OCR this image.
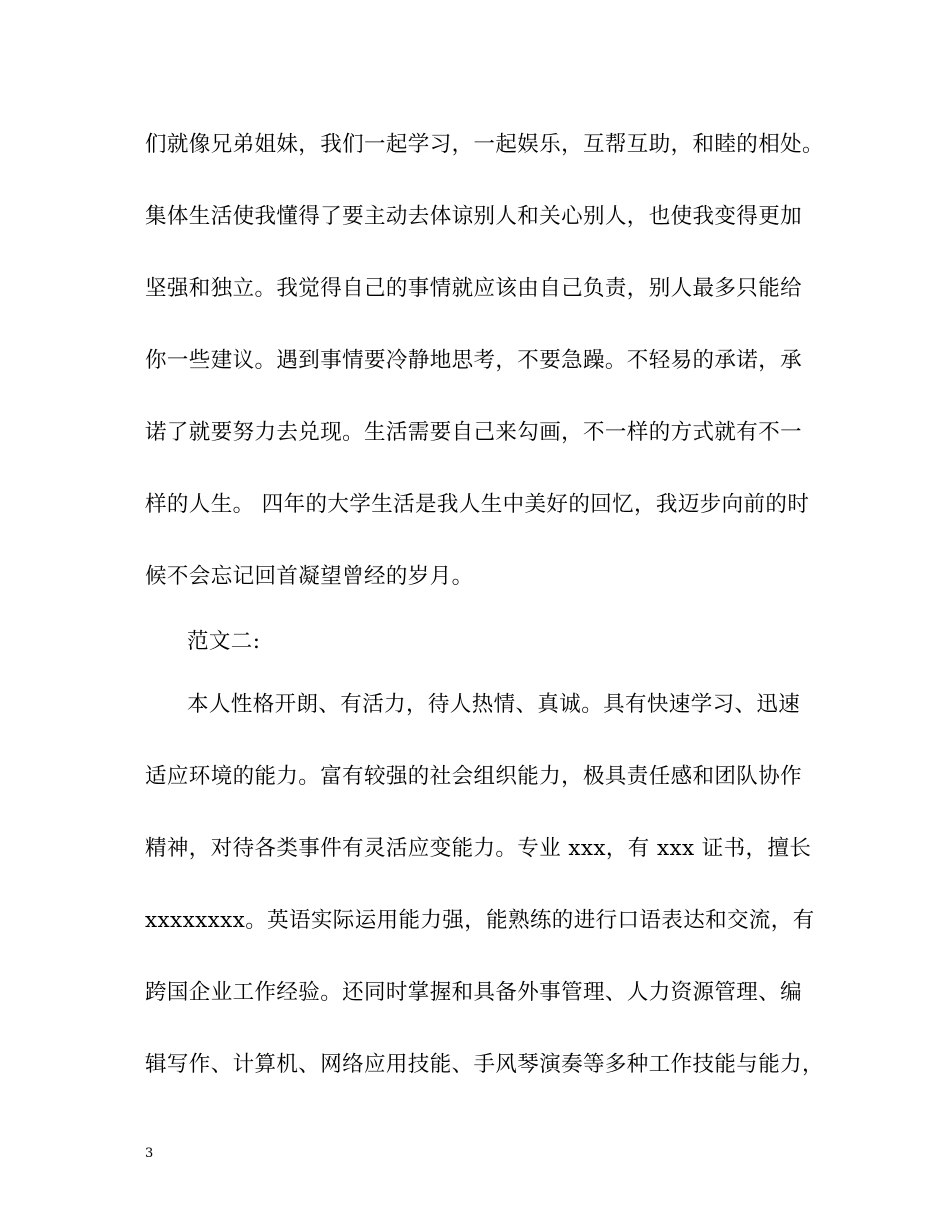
们就像兄弟姐妹，我们一起学习，一起娱乐，互帮互助，和睦的相处。
集体生活使我懂得了要主动去体谅别人和关心别人，也使我变得更加
坚强和独立。我觉得自己的事情就应该由自己负责，别人最多只能给
你一些建议。遇到事情要冷静地思考，不要急躁。不轻易的承诺，承
诺了就要努力去兑现。生活需要自己来勾画，不一样的方式就有不一
样的人生。 四年的大学生活是我人生中美好的回忆，我迈步向前的时
候不会忘记回首凝望曾经的岁月。
范文二:
本人性格开朗、有活力，待人热情、真诚。具有快速学习、迅速
适应环境的能力。富有较强的社会组织能力，极具责任感和团队协作
精神，对待各类事件有灵活应变能力。专业 xxx，有 xxx 证书，擅长
xxxxxxxx。英语实际运用能力强，能熟练的进行口语表达和交流，有
跨国企业工作经验。还同时掌握和具备外事管理、人力资源管理、编
辑写作、计算机、网络应用技能、手风琴演奏等多种工作技能与能力，
3
